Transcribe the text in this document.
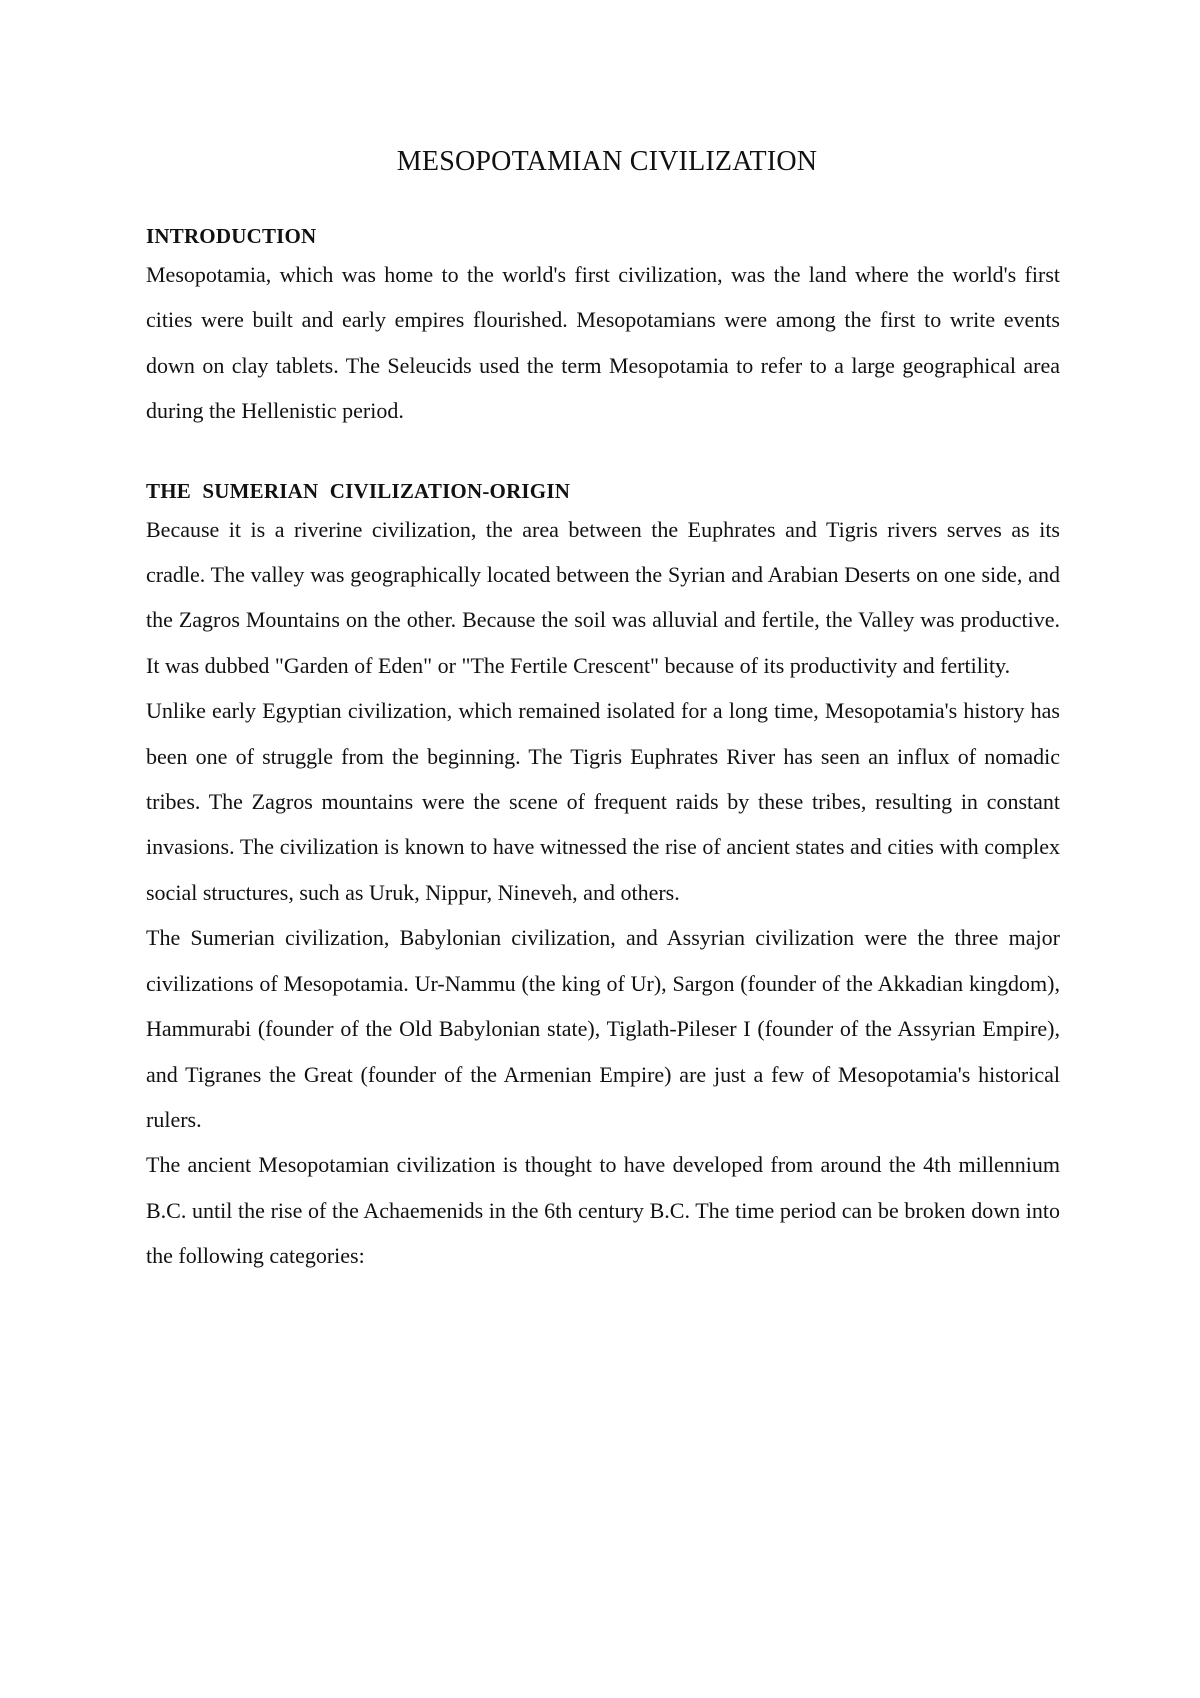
MESOPOTAMIAN CIVILIZATION
INTRODUCTION

Mesopotamia, which was home to the world's first civilization, was the land where the world's first cities were built and early empires flourished. Mesopotamians were among the first to write events down on clay tablets. The Seleucids used the term Mesopotamia to refer to a large geographical area during the Hellenistic period.

THE SUMERIAN CIVILIZATION-ORIGIN

Because it is a riverine civilization, the area between the Euphrates and Tigris rivers serves as its cradle. The valley was geographically located between the Syrian and Arabian Deserts on one side, and the Zagros Mountains on the other. Because the soil was alluvial and fertile, the Valley was productive. It was dubbed "Garden of Eden" or "The Fertile Crescent" because of its productivity and fertility.

Unlike early Egyptian civilization, which remained isolated for a long time, Mesopotamia's history has been one of struggle from the beginning. The Tigris Euphrates River has seen an influx of nomadic tribes. The Zagros mountains were the scene of frequent raids by these tribes, resulting in constant invasions. The civilization is known to have witnessed the rise of ancient states and cities with complex social structures, such as Uruk, Nippur, Nineveh, and others.

The Sumerian civilization, Babylonian civilization, and Assyrian civilization were the three major civilizations of Mesopotamia. Ur-Nammu (the king of Ur), Sargon (founder of the Akkadian kingdom), Hammurabi (founder of the Old Babylonian state), Tiglath-Pileser I (founder of the Assyrian Empire), and Tigranes the Great (founder of the Armenian Empire) are just a few of Mesopotamia's historical rulers.

The ancient Mesopotamian civilization is thought to have developed from around the 4th millennium B.C. until the rise of the Achaemenids in the 6th century B.C. The time period can be broken down into the following categories:
